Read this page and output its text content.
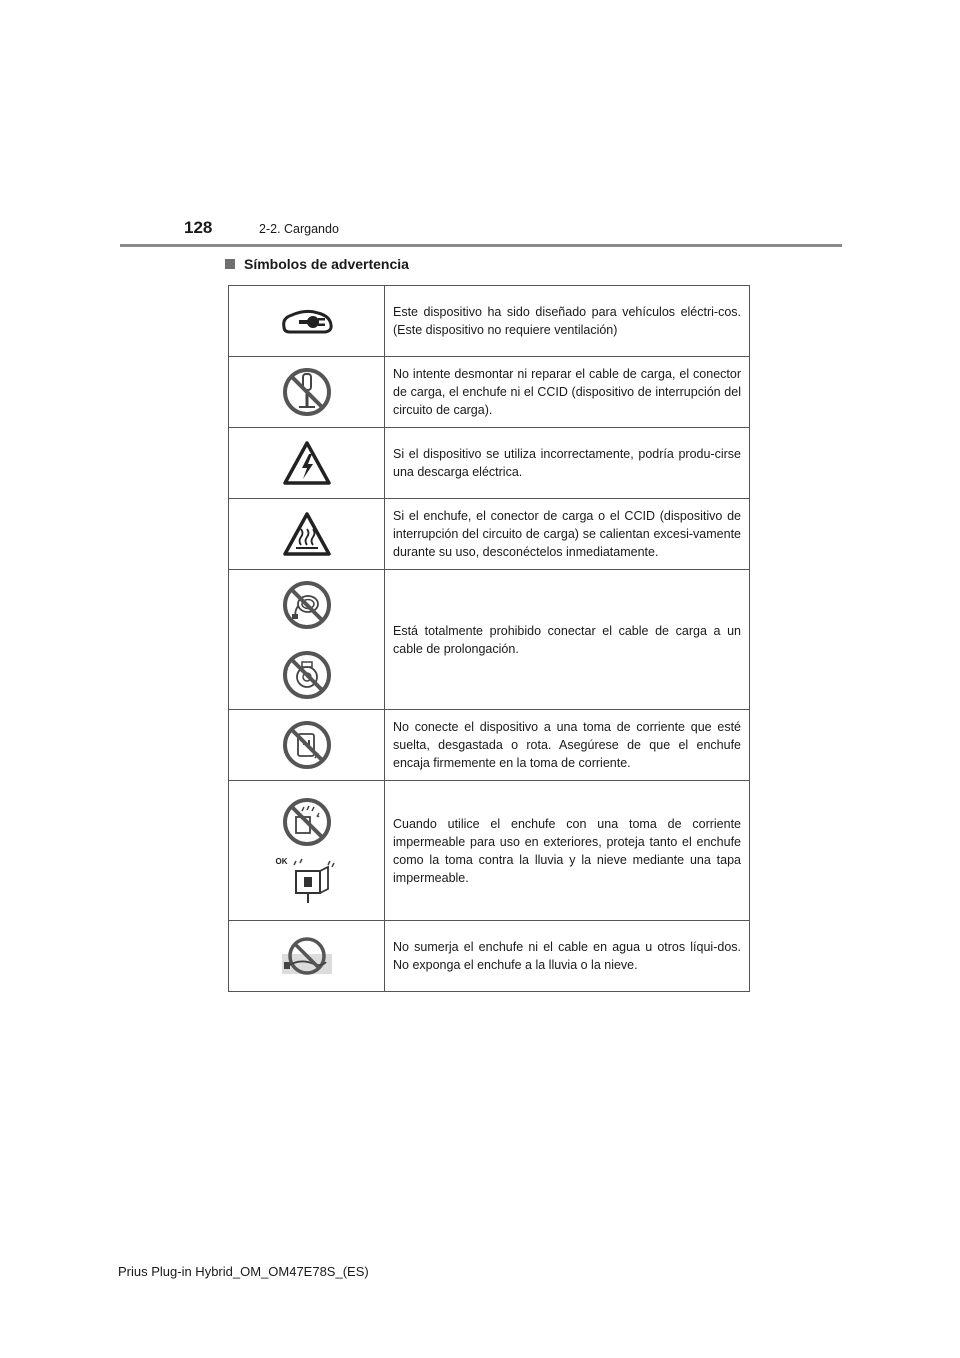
128	2-2. Cargando
Símbolos de advertencia
	Este dispositivo ha sido diseñado para vehículos eléctri-cos. (Este dispositivo no requiere ventilación)

	No intente desmontar ni reparar el cable de carga, el conector de carga, el enchufe ni el CCID (dispositivo de interrupción del circuito de carga).

	Si el dispositivo se utiliza incorrectamente, podría produ-cirse una descarga eléctrica.

	Si el enchufe, el conector de carga o el CCID (dispositivo de interrupción del circuito de carga) se calientan excesi-vamente durante su uso, desconéctelos inmediatamente.

	Está totalmente prohibido conectar el cable de carga a un cable de prolongación.

	No conecte el dispositivo a una toma de corriente que esté suelta, desgastada o rota. Asegúrese de que el enchufe encaja firmemente en la toma de corriente.

OK	Cuando utilice el enchufe con una toma de corriente impermeable para uso en exteriores, proteja tanto el enchufe como la toma contra la lluvia y la nieve mediante una tapa impermeable.

	No sumerja el enchufe ni el cable en agua u otros líqui-dos. No exponga el enchufe a la lluvia o la nieve.
Prius Plug-in Hybrid_OM_OM47E78S_(ES)
